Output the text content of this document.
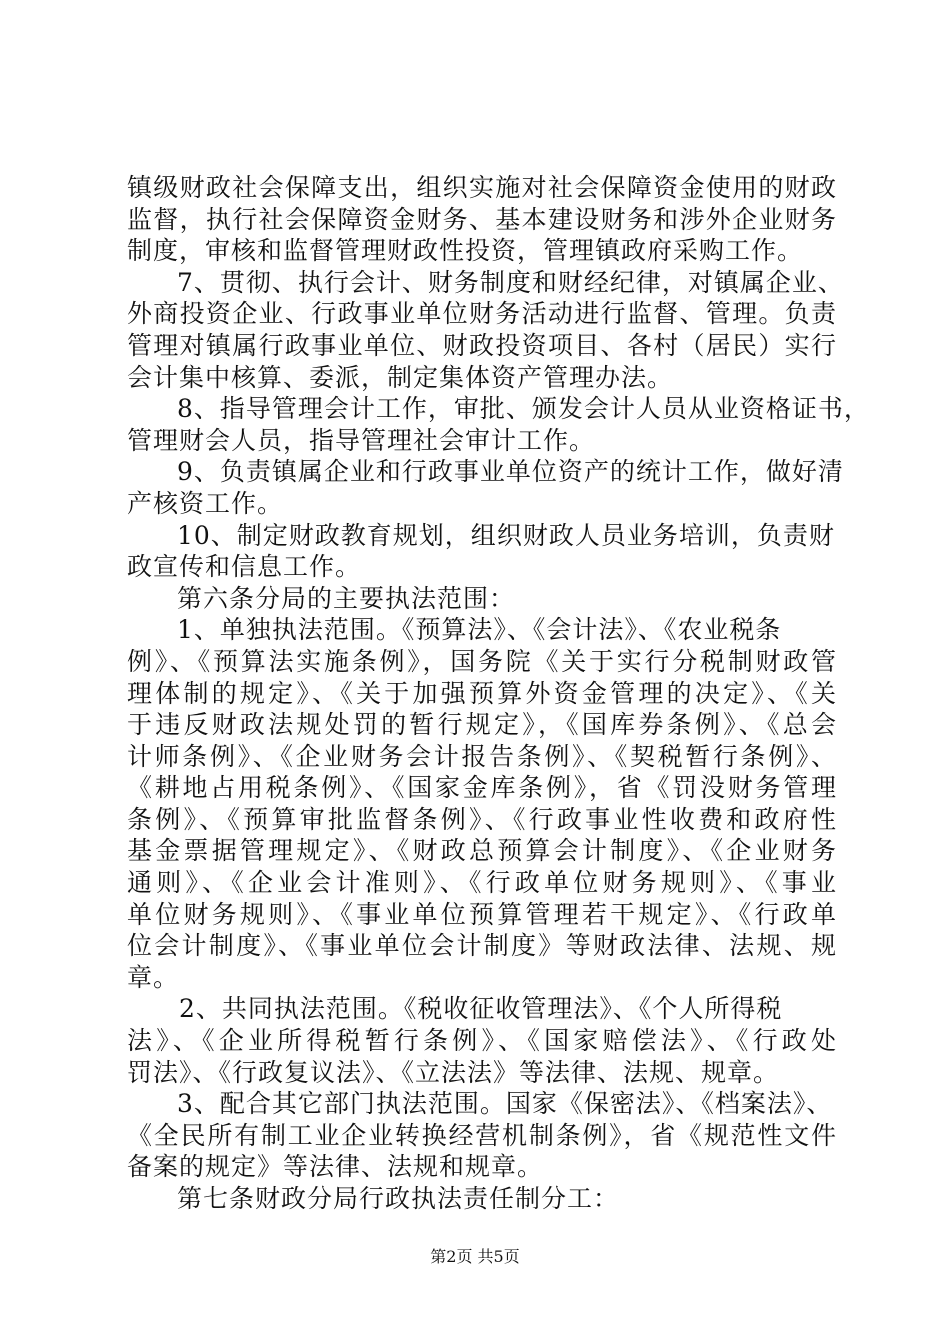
镇级财政社会保障支出，组织实施对社会保障资金使用的财政
监督，执行社会保障资金财务、基本建设财务和涉外企业财务
制度，审核和监督管理财政性投资，管理镇政府采购工作。
7、贯彻、执行会计、财务制度和财经纪律，对镇属企业、
外商投资企业、行政事业单位财务活动进行监督、管理。负责
管理对镇属行政事业单位、财政投资项目、各村（居民）实行
会计集中核算、委派，制定集体资产管理办法。
8、指导管理会计工作，审批、颁发会计人员从业资格证书，
管理财会人员，指导管理社会审计工作。
9、负责镇属企业和行政事业单位资产的统计工作，做好清
产核资工作。
10、制定财政教育规划，组织财政人员业务培训，负责财
政宣传和信息工作。
第六条分局的主要执法范围：
1、单独执法范围。《预算法》、《会计法》、《农业税条
例》、《预算法实施条例》，国务院《关于实行分税制财政管
理体制的规定》、《关于加强预算外资金管理的决定》、《关
于违反财政法规处罚的暂行规定》，《国库券条例》、《总会
计师条例》、《企业财务会计报告条例》、《契税暂行条例》、
《耕地占用税条例》、《国家金库条例》，省《罚没财务管理
条例》、《预算审批监督条例》、《行政事业性收费和政府性
基金票据管理规定》、《财政总预算会计制度》、《企业财务
通则》、《企业会计准则》、《行政单位财务规则》、《事业
单位财务规则》、《事业单位预算管理若干规定》、《行政单
位会计制度》、《事业单位会计制度》等财政法律、法规、规
章。
2、共同执法范围。《税收征收管理法》、《个人所得税
法》、《企业所得税暂行条例》、《国家赔偿法》、《行政处
罚法》、《行政复议法》、《立法法》等法律、法规、规章。
3、配合其它部门执法范围。国家《保密法》、《档案法》、
《全民所有制工业企业转换经营机制条例》，省《规范性文件
备案的规定》等法律、法规和规章。
第七条财政分局行政执法责任制分工：
第2页 共5页
